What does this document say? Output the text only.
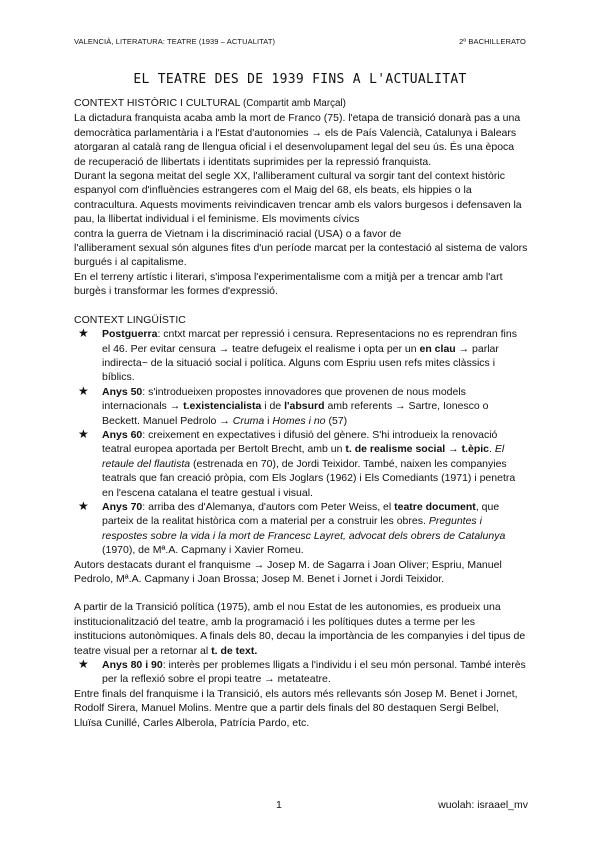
VALENCIÀ, LITERATURA: TEATRE (1939 – ACTUALITAT)	2º BACHILLERATO
EL TEATRE DES DE 1939 FINS A L'ACTUALITAT

CONTEXT HISTÒRIC I CULTURAL (Compartit amb Marçal)

La dictadura franquista acaba amb la mort de Franco (75). l'etapa de transició donarà pas a una democràtica parlamentària i a l'Estat d'autonomies → els de País Valencià, Catalunya i Balears atorgaran al català rang de llengua oficial i el desenvolupament legal del seu ús. És una època de recuperació de llibertats i identitats suprimides per la repressió franquista.

Durant la segona meitat del segle XX, l'alliberament cultural va sorgir tant del context històric espanyol com d'influències estrangeres com el Maig del 68, els beats, els hippies o la contracultura. Aquests moviments reivindicaven trencar amb els valors burgesos i defensaven la pau, la llibertat individual i el feminisme. Els moviments cívics

contra la guerra de Vietnam i la discriminació racial (USA) o a favor de

l'alliberament sexual són algunes fites d'un període marcat per la contestació al sistema de valors burgués i al capitalisme.

En el terreny artístic i literari, s'imposa l'experimentalisme com a mitjà per a trencar amb l'art burgès i transformar les formes d'expressió.

CONTEXT LINGÜÍSTIC

★ Postguerra: cntxt marcat per repressió i censura. Representacions no es reprendran fins el 46. Per evitar censura → teatre defugeix el realisme i opta per un en clau → parlar indirecta~ de la situació social i política. Alguns com Espriu usen refs mites clàssics i bíblics.
★ Anys 50: s'introdueixen propostes innovadores que provenen de nous models internacionals → t.existencialista i de l'absurd amb referents → Sartre, Ionesco o Beckett. Manuel Pedrolo → Cruma i Homes i no (57)
★ Anys 60: creixement en expectatives i difusió del gènere. S'hi introdueix la renovació teatral europea aportada per Bertolt Brecht, amb un t. de realisme social → t.èpic. El retaule del flautista (estrenada en 70), de Jordi Teixidor. També, naixen les companyies teatrals que fan creació pròpia, com Els Joglars (1962) i Els Comediants (1971) i penetra en l'escena catalana el teatre gestual i visual.
★ Anys 70: arriba des d'Alemanya, d'autors com Peter Weiss, el teatre document, que parteix de la realitat històrica com a material per a construir les obres. Preguntes i respostes sobre la vida i la mort de Francesc Layret, advocat dels obrers de Catalunya (1970), de Mª.A. Capmany i Xavier Romeu.

Autors destacats durant el franquisme → Josep M. de Sagarra i Joan Oliver; Espriu, Manuel Pedrolo, Mª.A. Capmany i Joan Brossa; Josep M. Benet i Jornet i Jordi Teixidor.

A partir de la Transició política (1975), amb el nou Estat de les autonomies, es produeix una institucionalització del teatre, amb la programació i les polítiques dutes a terme per les institucions autonòmiques. A finals dels 80, decau la importància de les companyies i del tipus de teatre visual per a retornar al t. de text.

★ Anys 80 i 90: interès per problemes lligats a l'individu i el seu món personal. També interès per la reflexió sobre el propi teatre → metateatre.

Entre finals del franquisme i la Transició, els autors més rellevants són Josep M. Benet i Jornet, Rodolf Sirera, Manuel Molins. Mentre que a partir dels finals del 80 destaquen Sergi Belbel, Lluïsa Cunillé, Carles Alberola, Patrícia Pardo, etc.

1	wuolah: israael_mv
